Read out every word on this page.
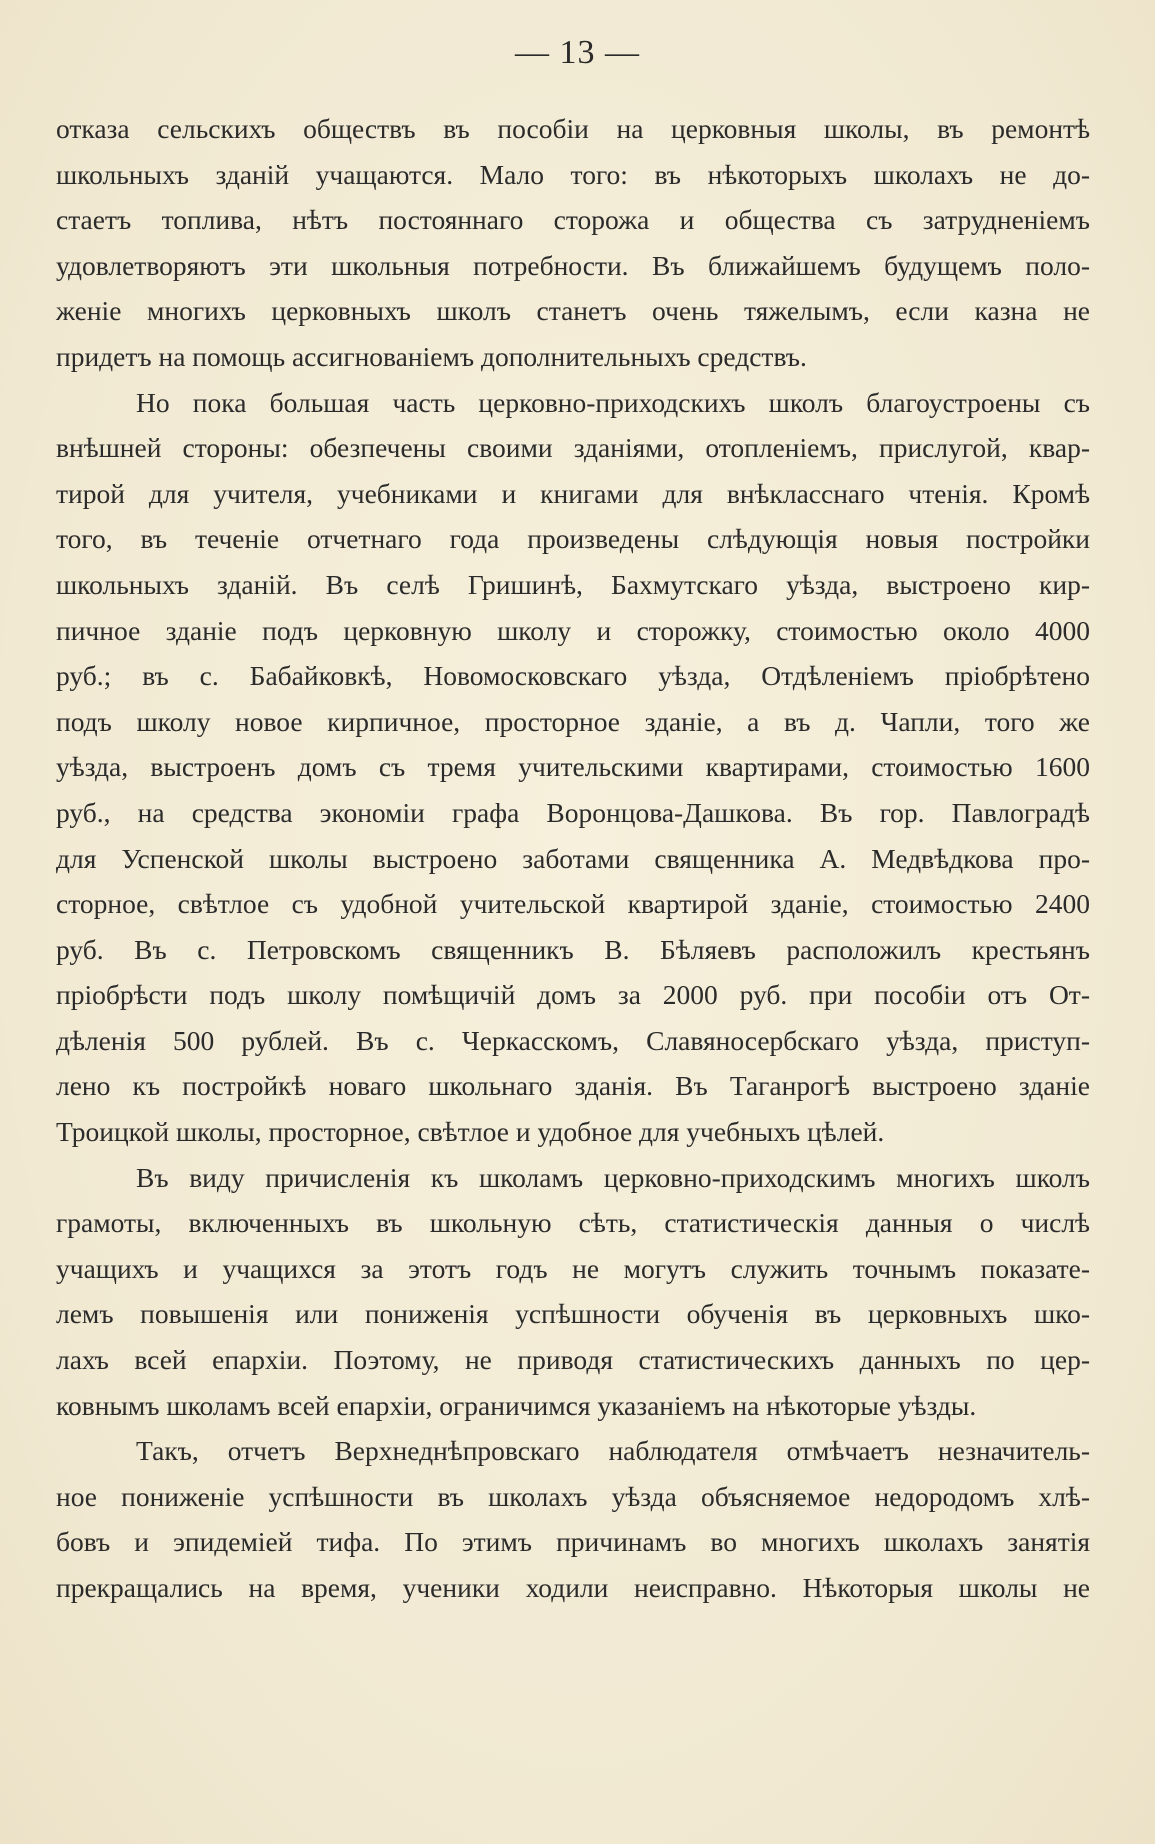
— 13 —
отказа сельскихъ обществъ въ пособіи на церковныя школы, въ ремонтѣ
школьныхъ зданій учащаются. Мало того: въ нѣкоторыхъ школахъ не до-
стаетъ топлива, нѣтъ постояннаго сторожа и общества съ затрудненіемъ
удовлетворяютъ эти школьныя потребности. Въ ближайшемъ будущемъ поло-
женіе многихъ церковныхъ школъ станетъ очень тяжелымъ, если казна не
придетъ на помощь ассигнованіемъ дополнительныхъ средствъ.
Но пока большая часть церковно-приходскихъ школъ благоустроены съ
внѣшней стороны: обезпечены своими зданіями, отопленіемъ, прислугой, квар-
тирой для учителя, учебниками и книгами для внѣкласснаго чтенія. Кромѣ
того, въ теченіе отчетнаго года произведены слѣдующія новыя постройки
школьныхъ зданій. Въ селѣ Гришинѣ, Бахмутскаго уѣзда, выстроено кир-
пичное зданіе подъ церковную школу и сторожку, стоимостью около 4000
руб.; въ с. Бабайковкѣ, Новомосковскаго уѣзда, Отдѣленіемъ пріобрѣтено
подъ школу новое кирпичное, просторное зданіе, а въ д. Чапли, того же
уѣзда, выстроенъ домъ съ тремя учительскими квартирами, стоимостью 1600
руб., на средства экономіи графа Воронцова-Дашкова. Въ гор. Павлоградѣ
для Успенской школы выстроено заботами священника А. Медвѣдкова про-
сторное, свѣтлое съ удобной учительской квартирой зданіе, стоимостью 2400
руб. Въ с. Петровскомъ священникъ В. Бѣляевъ расположилъ крестьянъ
пріобрѣсти подъ школу помѣщичій домъ за 2000 руб. при пособіи отъ От-
дѣленія 500 рублей. Въ с. Черкасскомъ, Славяносербскаго уѣзда, приступ-
лено къ постройкѣ новаго школьнаго зданія. Въ Таганрогѣ выстроено зданіе
Троицкой школы, просторное, свѣтлое и удобное для учебныхъ цѣлей.
Въ виду причисленія къ школамъ церковно-приходскимъ многихъ школъ
грамоты, включенныхъ въ школьную сѣть, статистическія данныя о числѣ
учащихъ и учащихся за этотъ годъ не могутъ служить точнымъ показате-
лемъ повышенія или пониженія успѣшности обученія въ церковныхъ шко-
лахъ всей епархіи. Поэтому, не приводя статистическихъ данныхъ по цер-
ковнымъ школамъ всей епархіи, ограничимся указаніемъ на нѣкоторые уѣзды.
Такъ, отчетъ Верхнеднѣпровскаго наблюдателя отмѣчаетъ незначитель-
ное пониженіе успѣшности въ школахъ уѣзда объясняемое недородомъ хлѣ-
бовъ и эпидеміей тифа. По этимъ причинамъ во многихъ школахъ занятія
прекращались на время, ученики ходили неисправно. Нѣкоторыя школы не
